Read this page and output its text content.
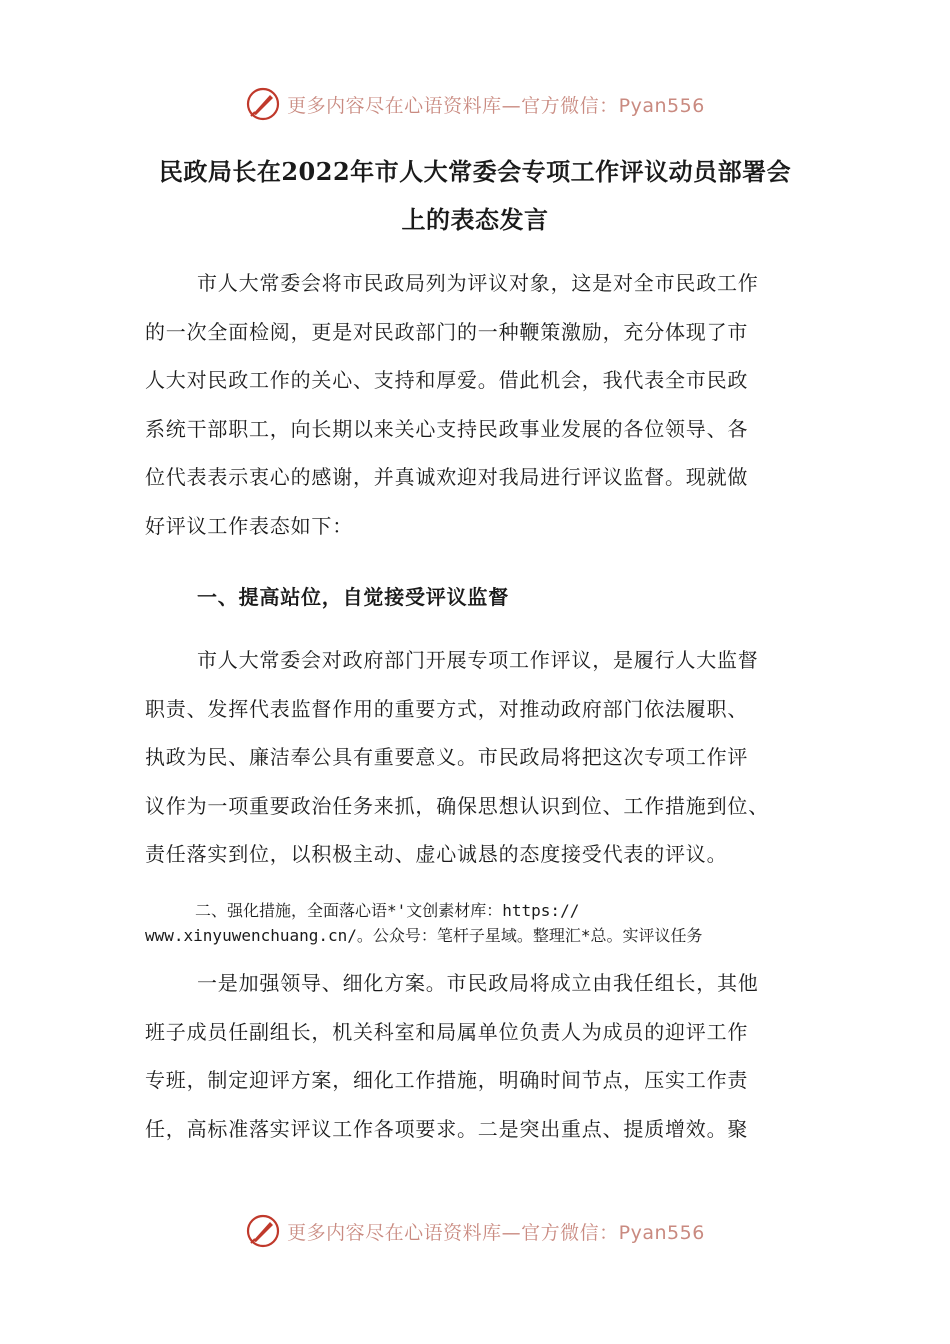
更多内容尽在心语资料库—官方微信：Pyan556
民政局长在2022年市人大常委会专项工作评议动员部署会
上的表态发言
市人大常委会将市民政局列为评议对象，这是对全市民政工作
的一次全面检阅，更是对民政部门的一种鞭策激励，充分体现了市
人大对民政工作的关心、支持和厚爱。借此机会，我代表全市民政
系统干部职工，向长期以来关心支持民政事业发展的各位领导、各
位代表表示衷心的感谢，并真诚欢迎对我局进行评议监督。现就做
好评议工作表态如下：
一、提高站位，自觉接受评议监督
市人大常委会对政府部门开展专项工作评议，是履行人大监督
职责、发挥代表监督作用的重要方式，对推动政府部门依法履职、
执政为民、廉洁奉公具有重要意义。市民政局将把这次专项工作评
议作为一项重要政治任务来抓，确保思想认识到位、工作措施到位、
责任落实到位，以积极主动、虚心诚恳的态度接受代表的评议。
二、强化措施，全面落心语*'文创素材库：https://
www.xinyuwenchuang.cn/。公众号：笔杆子星域。整理汇*总。实评议任务
一是加强领导、细化方案。市民政局将成立由我任组长，其他
班子成员任副组长，机关科室和局属单位负责人为成员的迎评工作
专班，制定迎评方案，细化工作措施，明确时间节点，压实工作责
任，高标准落实评议工作各项要求。二是突出重点、提质增效。聚
更多内容尽在心语资料库—官方微信：Pyan556
